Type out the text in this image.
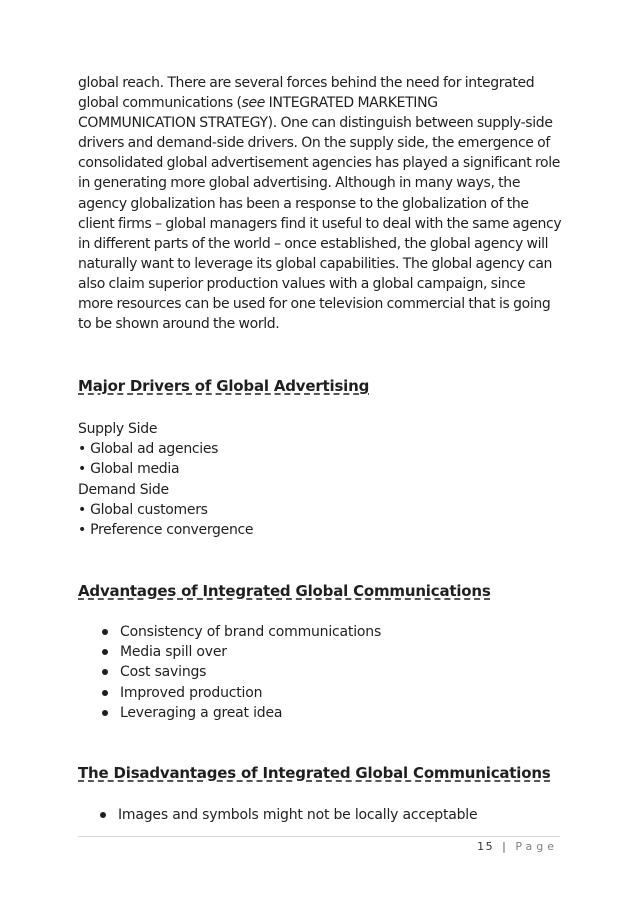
global reach. There are several forces behind the need for integrated
global communications (see INTEGRATED MARKETING
COMMUNICATION STRATEGY). One can distinguish between supply-side
drivers and demand-side drivers. On the supply side, the emergence of
consolidated global advertisement agencies has played a significant role
in generating more global advertising. Although in many ways, the
agency globalization has been a response to the globalization of the
client firms – global managers find it useful to deal with the same agency
in different parts of the world – once established, the global agency will
naturally want to leverage its global capabilities. The global agency can
also claim superior production values with a global campaign, since
more resources can be used for one television commercial that is going
to be shown around the world.

Major Drivers of Global Advertising
Supply Side
• Global ad agencies
• Global media
Demand Side
• Global customers
• Preference convergence
Advantages of Integrated Global Communications
Consistency of brand communications
Media spill over
Cost savings
Improved production
Leveraging a great idea
The Disadvantages of Integrated Global Communications
Images and symbols might not be locally acceptable
15 | Page
